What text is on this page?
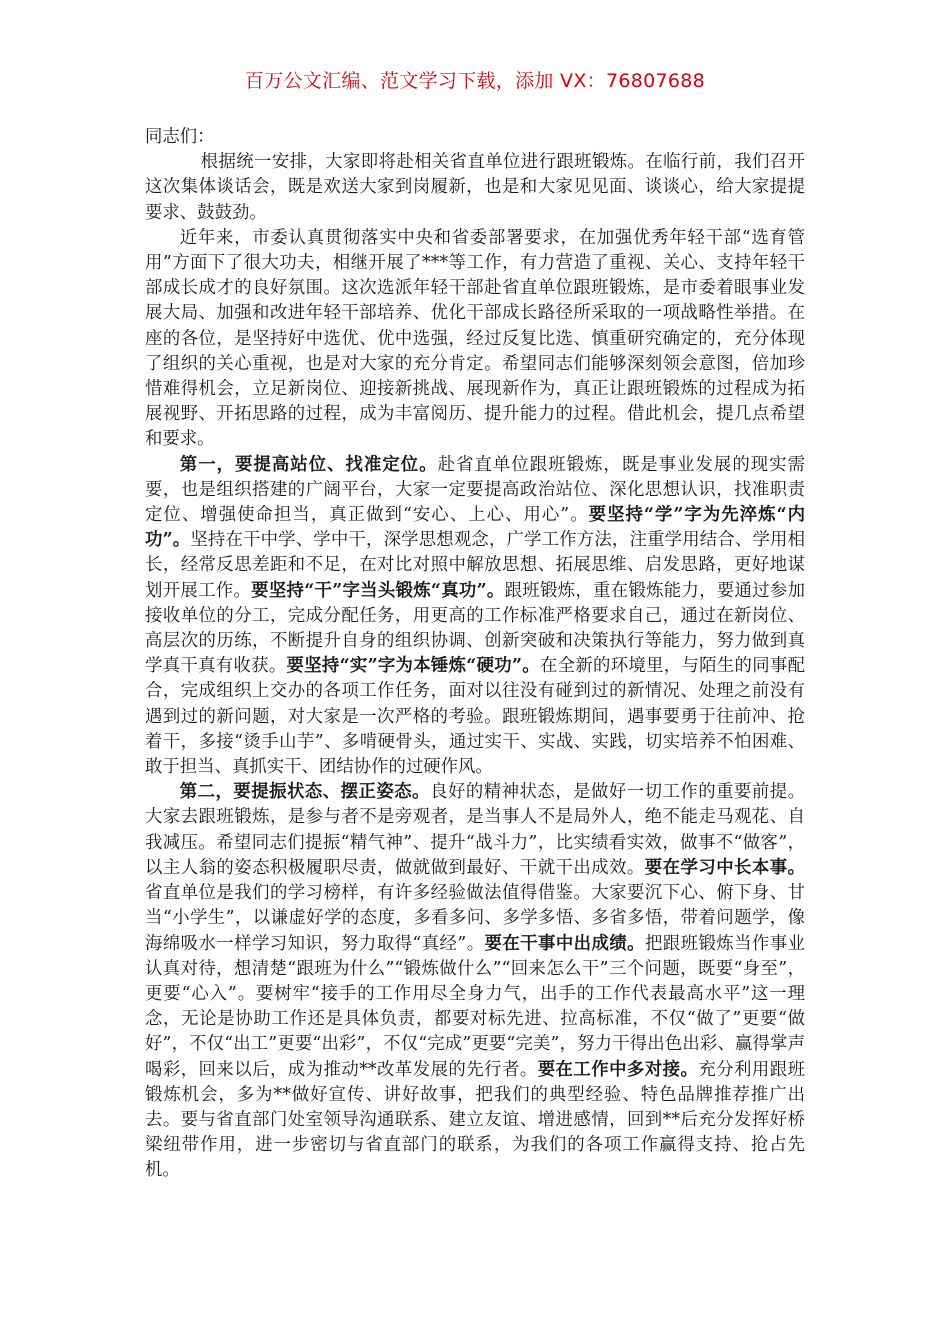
百万公文汇编、范文学习下载，添加 VX：76807688

同志们：

根据统一安排，大家即将赴相关省直单位进行跟班锻炼。在临行前，我们召开这次集体谈话会，既是欢送大家到岗履新，也是和大家见见面、谈谈心，给大家提提要求、鼓鼓劲。

近年来，市委认真贯彻落实中央和省委部署要求，在加强优秀年轻干部“选育管用”方面下了很大功夫，相继开展了***等工作，有力营造了重视、关心、支持年轻干部成长成才的良好氛围。这次选派年轻干部赴省直单位跟班锻炼，是市委着眼事业发展大局、加强和改进年轻干部培养、优化干部成长路径所采取的一项战略性举措。在座的各位，是坚持好中选优、优中选强，经过反复比选、慎重研究确定的，充分体现了组织的关心重视，也是对大家的充分肯定。希望同志们能够深刻领会意图，倍加珍惜难得机会，立足新岗位、迎接新挑战、展现新作为，真正让跟班锻炼的过程成为拓展视野、开拓思路的过程，成为丰富阅历、提升能力的过程。借此机会，提几点希望和要求。

第一，要提高站位、找准定位。赴省直单位跟班锻炼，既是事业发展的现实需要，也是组织搭建的广阔平台，大家一定要提高政治站位、深化思想认识，找准职责定位、增强使命担当，真正做到“安心、上心、用心”。要坚持“学”字为先淬炼“内功”。坚持在干中学、学中干，深学思想观念，广学工作方法，注重学用结合、学用相长，经常反思差距和不足，在对比对照中解放思想、拓展思维、启发思路，更好地谋划开展工作。要坚持“干”字当头锻炼“真功”。跟班锻炼，重在锻炼能力，要通过参加接收单位的分工，完成分配任务，用更高的工作标准严格要求自己，通过在新岗位、高层次的历练，不断提升自身的组织协调、创新突破和决策执行等能力，努力做到真学真干真有收获。要坚持“实”字为本锤炼“硬功”。在全新的环境里，与陌生的同事配合，完成组织上交办的各项工作任务，面对以往没有碰到过的新情况、处理之前没有遇到过的新问题，对大家是一次严格的考验。跟班锻炼期间，遇事要勇于往前冲、抢着干，多接“烫手山芋”、多啃硬骨头，通过实干、实战、实践，切实培养不怕困难、敢于担当、真抓实干、团结协作的过硬作风。

第二，要提振状态、摆正姿态。良好的精神状态，是做好一切工作的重要前提。大家去跟班锻炼，是参与者不是旁观者，是当事人不是局外人，绝不能走马观花、自我减压。希望同志们提振“精气神”、提升“战斗力”，比实绩看实效，做事不“做客”，以主人翁的姿态积极履职尽责，做就做到最好、干就干出成效。要在学习中长本事。省直单位是我们的学习榜样，有许多经验做法值得借鉴。大家要沉下心、俯下身、甘当“小学生”，以谦虚好学的态度，多看多问、多学多悟、多省多悟，带着问题学，像海绵吸水一样学习知识，努力取得“真经”。要在干事中出成绩。把跟班锻炼当作事业认真对待，想清楚“跟班为什么”“锻炼做什么”“回来怎么干”三个问题，既要“身至”，更要“心入”。要树牢“接手的工作用尽全身力气，出手的工作代表最高水平”这一理念，无论是协助工作还是具体负责，都要对标先进、拉高标准，不仅“做了”更要“做好”，不仅“出工”更要“出彩”，不仅“完成”更要“完美”，努力干得出色出彩、赢得掌声喝彩，回来以后，成为推动**改革发展的先行者。要在工作中多对接。充分利用跟班锻炼机会，多为**做好宣传、讲好故事，把我们的典型经验、特色品牌推荐推广出去。要与省直部门处室领导沟通联系、建立友谊、增进感情，回到**后充分发挥好桥梁纽带作用，进一步密切与省直部门的联系，为我们的各项工作赢得支持、抢占先机。
